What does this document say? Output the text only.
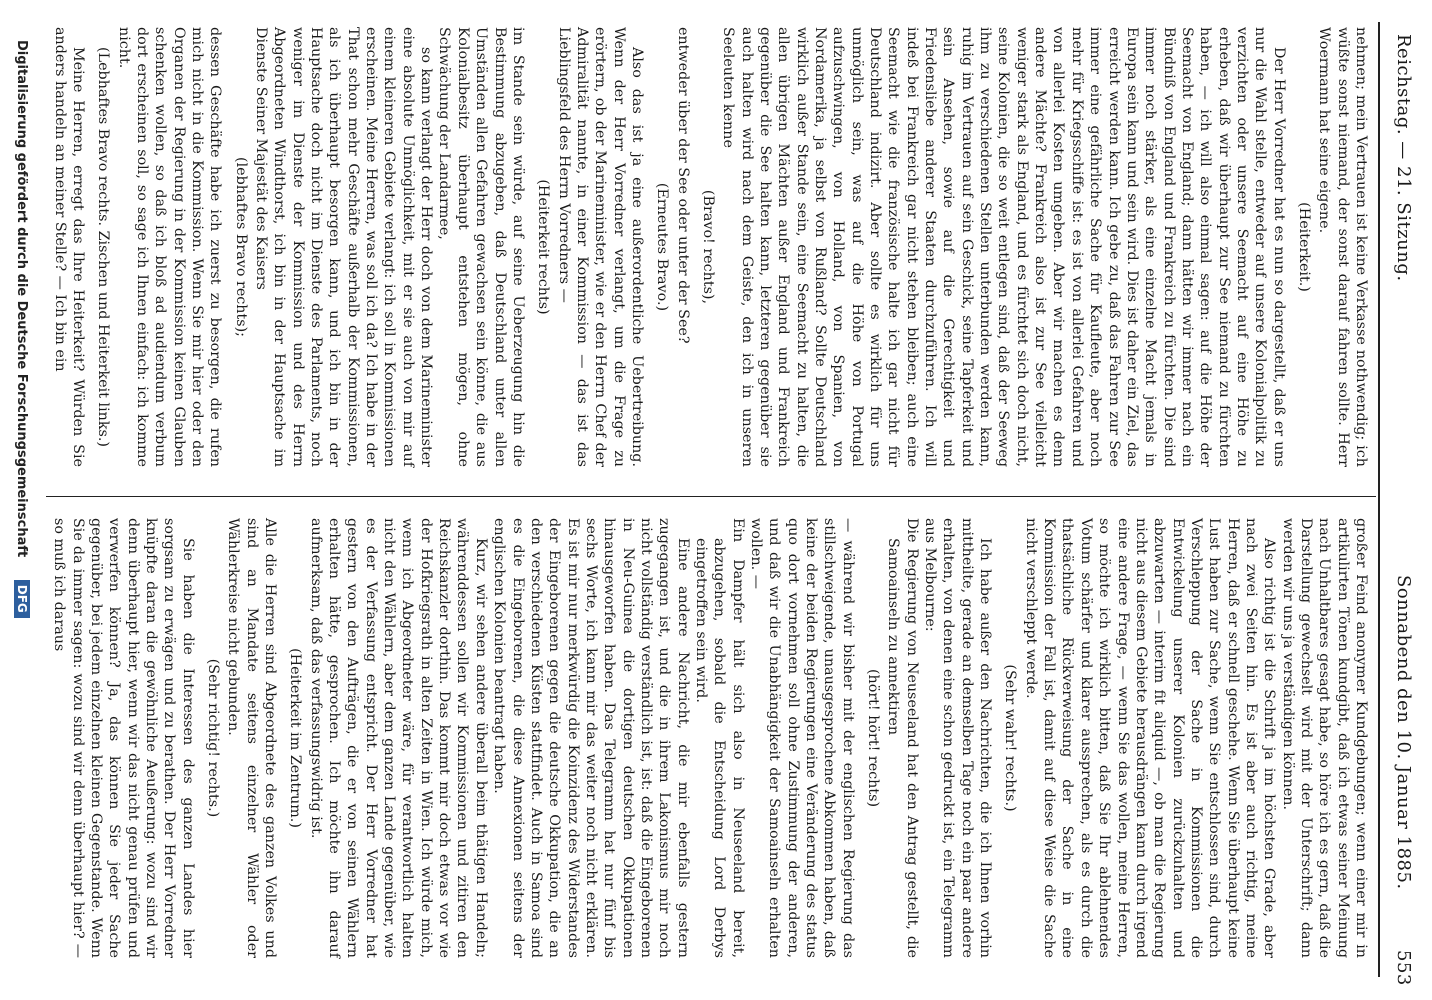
Reichstag. — 21. Sitzung.
Sonnabend den 10. Januar 1885.
553

nehmen; mein Vertrauen ist keine Verkasse nothwendig; ich wüßte sonst niemand, der sonst darauf fahren sollte. Herr Woermann hat seine eigene.

(Heiterkeit.)

Der Herr Vorredner hat es nun so dargestellt, daß er uns nur die Wahl stelle, entweder auf unsere Kolonialpolitik zu verzichten oder unsere Seemacht auf eine Höhe zu erheben, daß wir überhaupt zur See niemand zu fürchten haben, — ich will also einmal sagen: auf die Höhe der Seemacht von England; dann hätten wir immer nach ein Bündniß von England und Frankreich zu fürchten. Die sind immer noch stärker, als eine einzelne Macht jemals in Europa sein kann und sein wird. Dies ist daher ein Ziel, das erreicht werden kann. Ich gebe zu, daß das Fahren zur See immer eine gefährliche Sache für Kaufleute, aber noch mehr für Kriegsschiffe ist: es ist von allerlei Gefahren und von allerlei Kosten umgeben. Aber wir machen es denn andere Mächte? Frankreich also ist zur See vielleicht weniger stark als England, und es fürchtet sich doch nicht, seine Kolonien, die so weit entlegen sind, daß der Seeweg ihm zu verschiedenen Stellen unterbunden werden kann, ruhig im Vertrauen auf sein Geschick, seine Tapferkeit und sein Ansehen, sowie auf die Gerechtigkeit und Friedensliebe anderer Staaten durchzuführen. Ich will indeß bei Frankreich gar nicht stehen bleiben; auch eine Seemacht wie die französische halte ich gar nicht für Deutschland indizirt. Aber sollte es wirklich für uns unmöglich sein, was auf die Höhe von Portugal aufzuschwingen, von Holland, von Spanien, von Nordamerika, ja selbst von Rußland? Sollte Deutschland wirklich außer Stande sein, eine Seemacht zu halten, die allen übrigen Mächten außer England und Frankreich gegenüber die See halten kann, letzteren gegenüber sie auch halten wird nach dem Geiste, den ich in unseren Seeleuten kenne

(Bravo! rechts),

entweder über der See oder unter der See?

(Erneutes Bravo.)

Also das ist ja eine außerordentliche Uebertreibung. Wenn der Herr Vorredner verlangt, um die Frage zu erörtern, ob der Marineminister, wie er den Herrn Chef der Admiralität nannte, in einer Kommission — das ist das Lieblingsfeld des Herrn Vorredners —

(Heiterkeit rechts)

im Stande sein würde, auf seine Ueberzeugung hin die Bestimmung abzugeben, daß Deutschland unter allen Umständen allen Gefahren gewachsen sein könne, die aus Kolonialbesitz überhaupt entstehen mögen, ohne Schwächung der Landarmee,

so kann verlangt der Herr doch von dem Marineminister eine absolute Unmöglichkeit, mit er sie auch von mir auf einem kleineren Gebiete verlangt: ich soll in Kommissionen erscheinen. Meine Herren, was soll ich da? Ich habe in der That schon mehr Geschäfte außerhalb der Kommissionen, als ich überhaupt besorgen kann, und ich bin in der Hauptsache doch nicht im Dienste des Parlaments, noch weniger im Dienste der Kommission und des Herrn Abgeordneten Windthorst, ich bin in der Hauptsache im Dienste Seiner Majestät des Kaisers

(lebhaftes Bravo rechts);

dessen Geschäfte habe ich zuerst zu besorgen, die rufen mich nicht in die Kommission. Wenn Sie mir hier oder den Organen der Regierung in der Kommission keinen Glauben schenken wollen, so daß ich bloß ad audiendum verbum dort erscheinen soll, so sage ich Ihnen einfach: ich komme nicht.

(Lebhaftes Bravo rechts. Zischen und Heiterkeit links.)

Meine Herren, erregt das Ihre Heiterkeit? Würden Sie anders handeln an meiner Stelle? — Ich bin ein

großer Feind anonymer Kundgebungen; wenn einer mir in artikulirten Tönen kundgibt, daß ich etwas seiner Meinung nach Unhaltbares gesagt habe, so höre ich es gern, daß die Darstellung gewechselt wird mit der Unterschrift; dann werden wir uns ja verständigen können.

Also richtig ist die Schrift ja im höchsten Grade, aber nach zwei Seiten hin. Es ist aber auch richtig, meine Herren, daß er schnell geschehe. Wenn Sie überhaupt keine Lust haben zur Sache, wenn Sie entschlossen sind, durch Verschleppung der Sache in Kommissionen die Entwickelung unserer Kolonien zurückzuhalten und abzuwarten — interim fit aliquid —, ob man die Regierung nicht aus diesem Gebiete herausdrängen kann durch irgend eine andere Frage, — wenn Sie das wollen, meine Herren, so möchte ich wirklich bitten, daß Sie Ihr ablehnendes Votum schärfer und klarer aussprechen, als es durch die thatsächliche Rückverweisung der Sache in eine Kommission der Fall ist, damit auf diese Weise die Sache nicht verschleppt werde.

(Sehr wahr! rechts.)

Ich habe außer den Nachrichten, die ich Ihnen vorhin mittheilte, gerade an demselben Tage noch ein paar andere erhalten, von denen eine schon gedruckt ist, ein Telegramm aus Melbourne:

Die Regierung von Neuseeland hat den Antrag gestellt, die Samoainseln zu annektiren

(hört! hört! rechts)

— während wir bisher mit der englischen Regierung das stillschweigende, unausgesprochene Abkommen haben, daß keine der beiden Regierungen eine Veränderung des status quo dort vornehmen soll ohne Zustimmung der anderen, und daß wir die Unabhängigkeit der Samoainseln erhalten wollen. —

Ein Dampfer hält sich also in Neuseeland bereit, abzugehen, sobald die Entscheidung Lord Derbys eingetroffen sein wird.

Eine andere Nachricht, die mir ebenfalls gestern zugegangen ist, und die in ihrem Lakonismus mir noch nicht vollständig verständlich ist, ist: daß die Eingeborenen in Neu-Guinea die dortigen deutschen Okkupationen hinausgeworfen haben. Das Telegramm hat nur fünf bis sechs Worte, ich kann mir das weiter noch nicht erklären. Es ist mir nur merkwürdig die Koinzidenz des Widerstandes der Eingeborenen gegen die deutsche Okkupation, die an den verschiedenen Küsten stattfindet. Auch in Samoa sind es die Eingeborenen, die diese Annexionen seitens der englischen Kolonien beantragt haben.

Kurz, wir sehen andere überall beim thätigen Handeln; währenddessen sollen wir Kommissionen und zitiren den Reichskanzler dorthin. Das kommt mir doch etwas vor wie der Hofkriegsrath in alten Zeiten in Wien. Ich würde mich, wenn ich Abgeordneter wäre, für verantwortlich halten nicht den Wählern, aber dem ganzen Lande gegenüber, wie es der Verfassung entspricht. Der Herr Vorredner hat gestern von den Aufträgen, die er von seinen Wählern erhalten hätte, gesprochen. Ich möchte ihn darauf aufmerksam, daß das verfassungswidrig ist.

(Heiterkeit im Zentrum.)

Alle die Herren sind Abgeordnete des ganzen Volkes und sind an Mandate seitens einzelner Wähler oder Wählerkreise nicht gebunden.

(Sehr richtig! rechts.)

Sie haben die Interessen des ganzen Landes hier sorgsam zu erwägen und zu berathen. Der Herr Vorredner knüpfte daran die gewöhnliche Aeußerung: wozu sind wir denn überhaupt hier, wenn wir das nicht genau prüfen und verwerfen können? Ja, das können Sie jeder Sache gegenüber, bei jedem einzelnen kleinen Gegenstande. Wenn Sie da immer sagen: wozu sind wir denn überhaupt hier? — so muß ich daraus

Digitalisierung gefördert durch die Deutsche Forschungsgemeinschaft DFG
